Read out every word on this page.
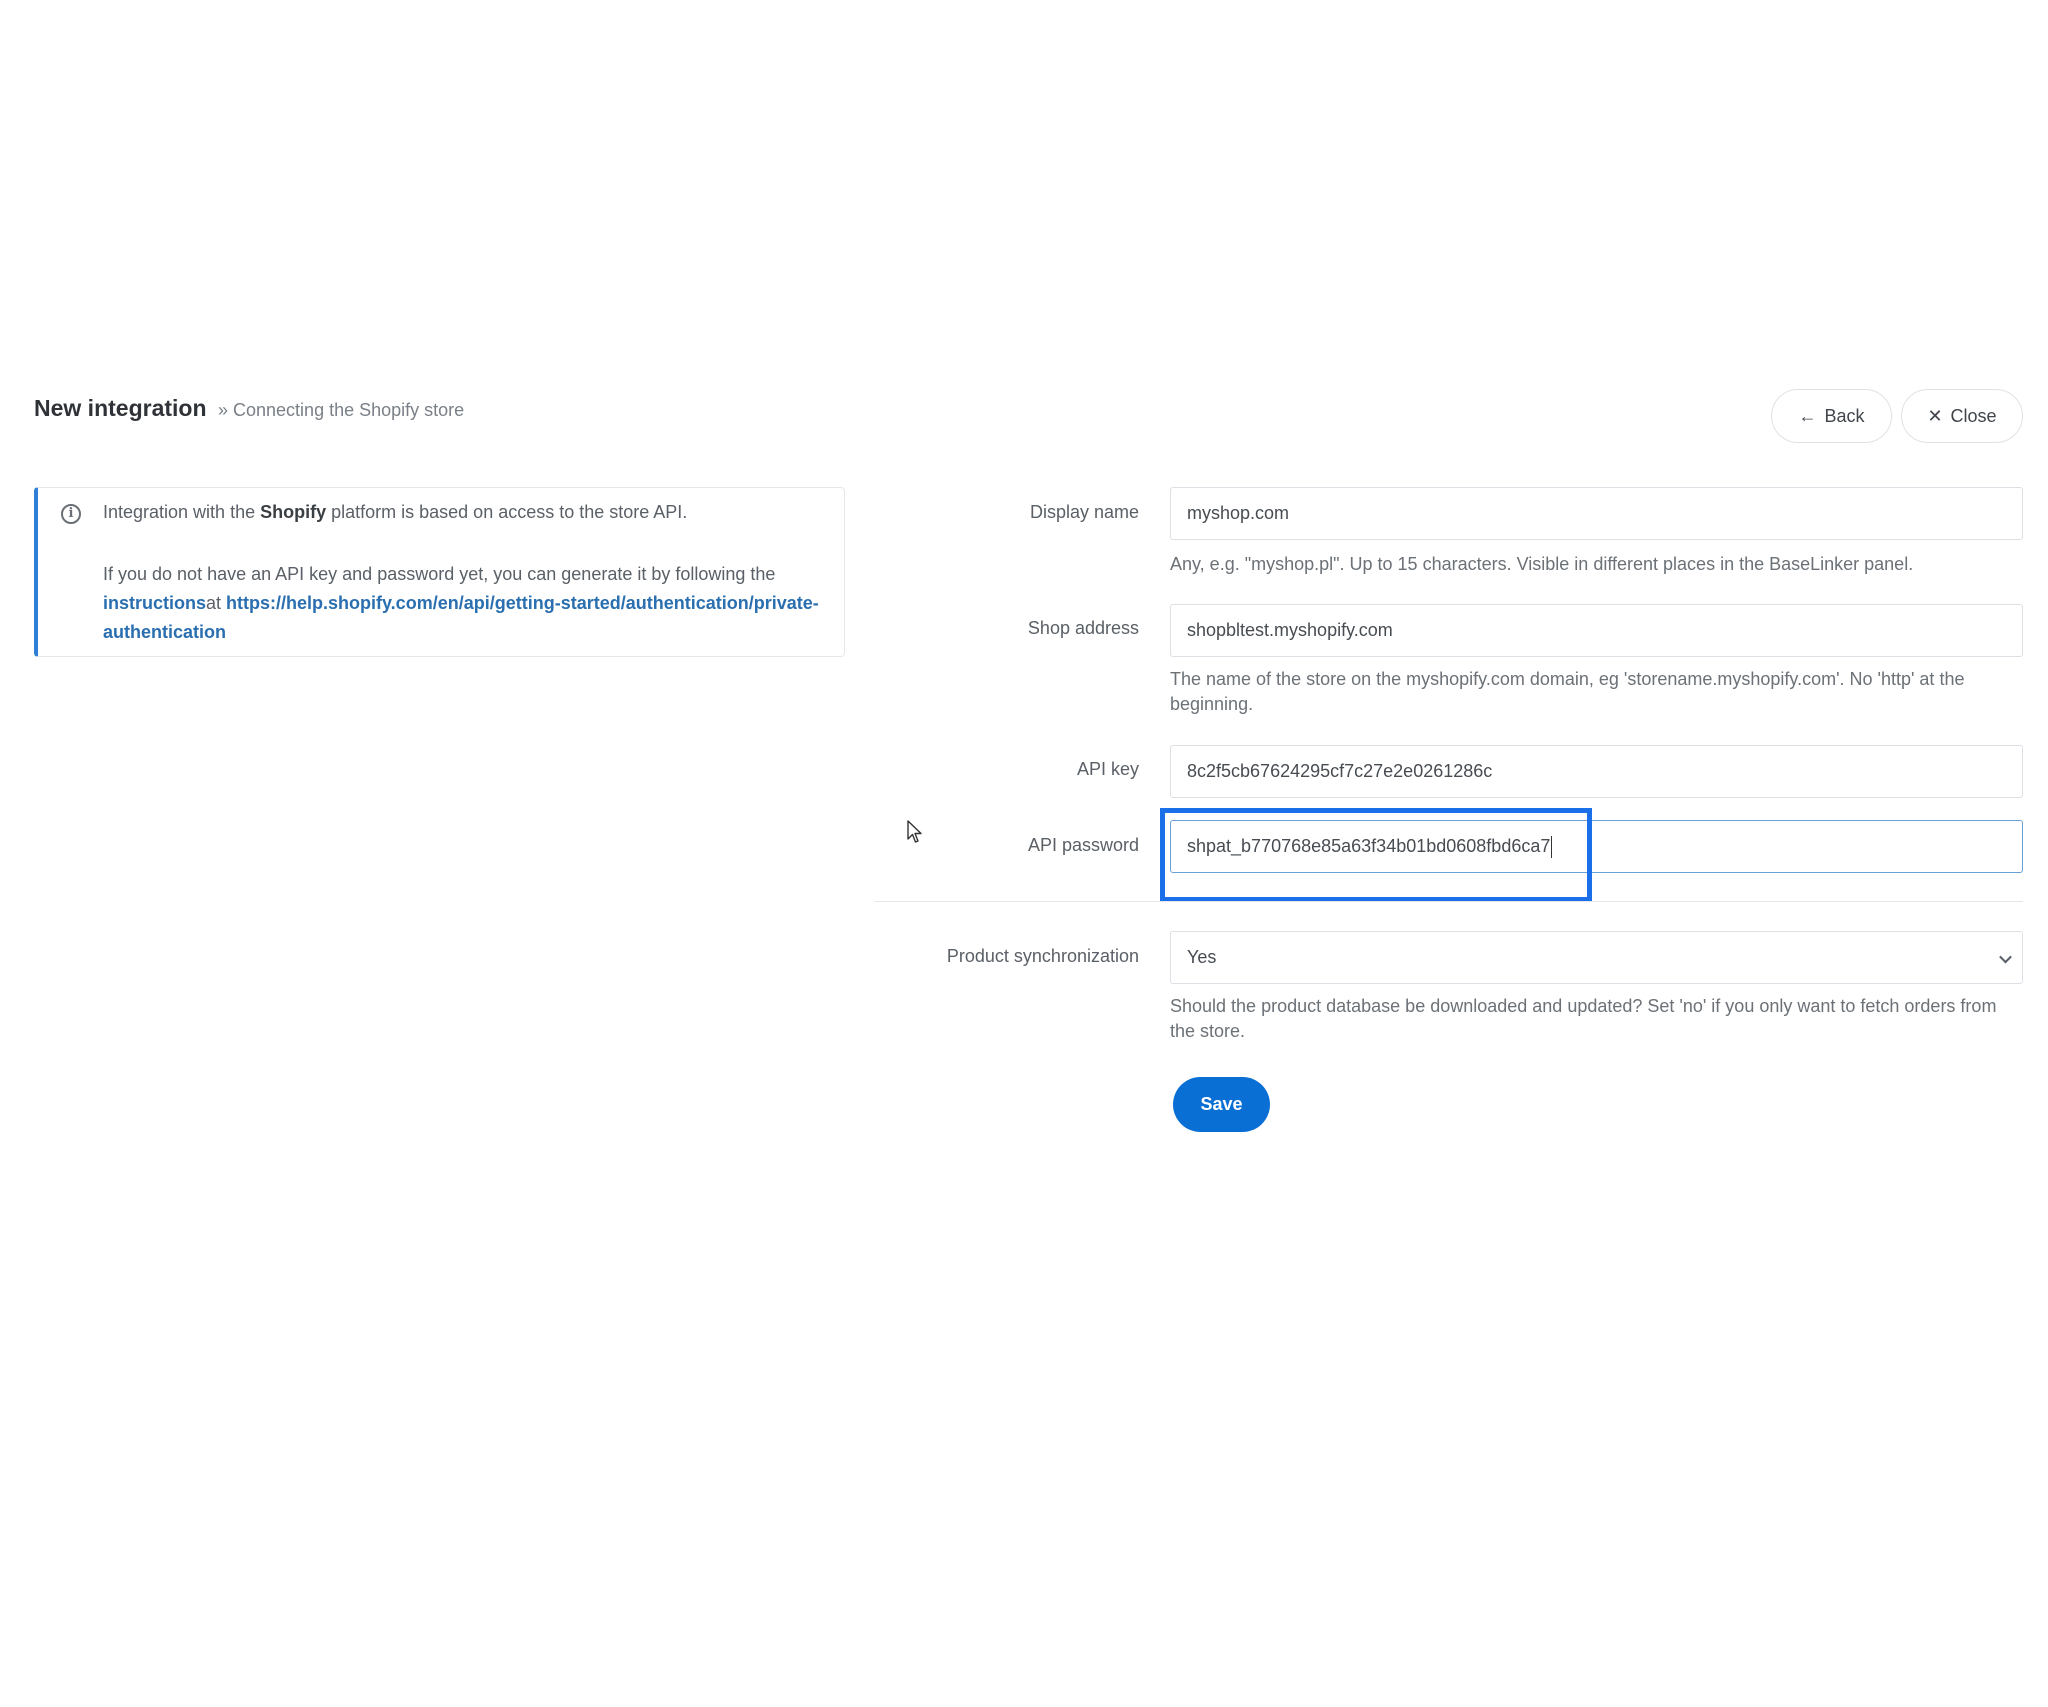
New integration » Connecting the Shopify store	← Back	✕ Close
i	Integration with the Shopify platform is based on access to the store API.
If you do not have an API key and password yet, you can generate it by following the instructionsat https://help.shopify.com/en/api/getting-started/authentication/private-authentication
Display name	myshop.com
Any, e.g. "myshop.pl". Up to 15 characters. Visible in different places in the BaseLinker panel.
Shop address	shopbltest.myshopify.com
The name of the store on the myshopify.com domain, eg 'storename.myshopify.com'. No 'http' at the beginning.
API key	8c2f5cb67624295cf7c27e2e0261286c
API password	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
Product synchronization	Yes
Should the product database be downloaded and updated? Set 'no' if you only want to fetch orders from the store.
Save
